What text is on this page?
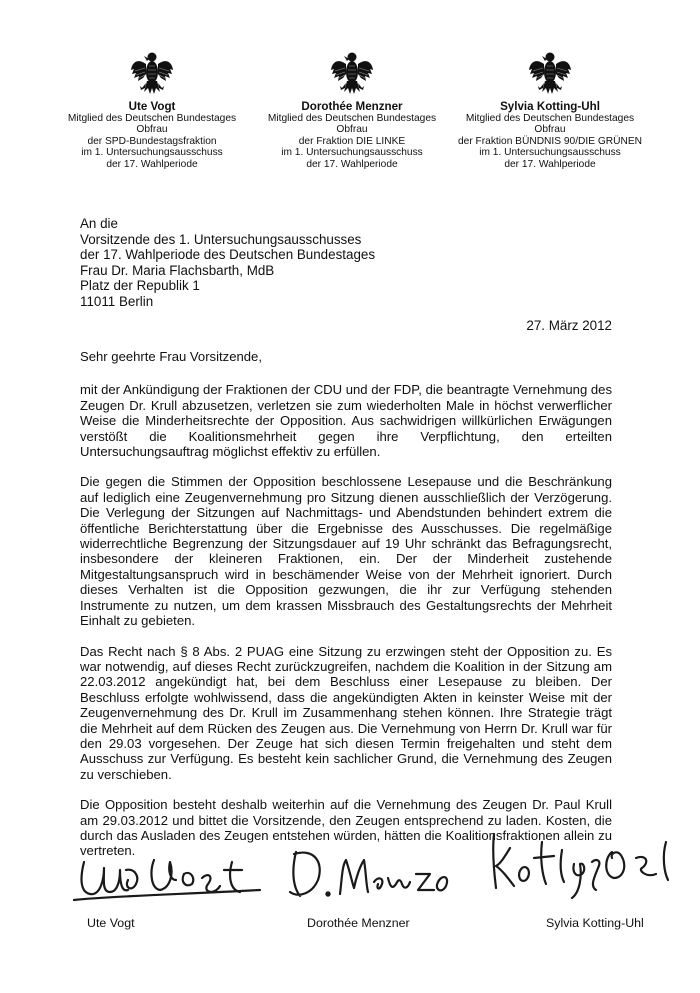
Ute Vogt
Mitglied des Deutschen Bundestages
Obfrau
der SPD-Bundestagsfraktion
im 1. Untersuchungsausschuss
der 17. Wahlperiode
Dorothée Menzner
Mitglied des Deutschen Bundestages
Obfrau
der Fraktion DIE LINKE
im 1. Untersuchungsausschuss
der 17. Wahlperiode
Sylvia Kotting-Uhl
Mitglied des Deutschen Bundestages
Obfrau
der Fraktion BÜNDNIS 90/DIE GRÜNEN
im 1. Untersuchungsausschuss
der 17. Wahlperiode
An die
Vorsitzende des 1. Untersuchungsausschusses
der 17. Wahlperiode des Deutschen Bundestages
Frau Dr. Maria Flachsbarth, MdB
Platz der Republik 1
11011 Berlin
27. März 2012

Sehr geehrte Frau Vorsitzende,

mit der Ankündigung der Fraktionen der CDU und der FDP, die beantragte Vernehmung des Zeugen Dr. Krull abzusetzen, verletzen sie zum wiederholten Male in höchst verwerflicher Weise die Minderheitsrechte der Opposition. Aus sachwidrigen willkürlichen Erwägungen verstößt die Koalitionsmehrheit gegen ihre Verpflichtung, den erteilten Untersuchungsauftrag möglichst effektiv zu erfüllen.

Die gegen die Stimmen der Opposition beschlossene Lesepause und die Beschränkung auf lediglich eine Zeugenvernehmung pro Sitzung dienen ausschließlich der Verzögerung. Die Verlegung der Sitzungen auf Nachmittags- und Abendstunden behindert extrem die öffentliche Berichterstattung über die Ergebnisse des Ausschusses. Die regelmäßige widerrechtliche Begrenzung der Sitzungsdauer auf 19 Uhr schränkt das Befragungsrecht, insbesondere der kleineren Fraktionen, ein. Der der Minderheit zustehende Mitgestaltungsanspruch wird in beschämender Weise von der Mehrheit ignoriert. Durch dieses Verhalten ist die Opposition gezwungen, die ihr zur Verfügung stehenden Instrumente zu nutzen, um dem krassen Missbrauch des Gestaltungsrechts der Mehrheit Einhalt zu gebieten.

Das Recht nach § 8 Abs. 2 PUAG eine Sitzung zu erzwingen steht der Opposition zu. Es war notwendig, auf dieses Recht zurückzugreifen, nachdem die Koalition in der Sitzung am 22.03.2012 angekündigt hat, bei dem Beschluss einer Lesepause zu bleiben. Der Beschluss erfolgte wohlwissend, dass die angekündigten Akten in keinster Weise mit der Zeugenvernehmung des Dr. Krull im Zusammenhang stehen können. Ihre Strategie trägt die Mehrheit auf dem Rücken des Zeugen aus. Die Vernehmung von Herrn Dr. Krull war für den 29.03 vorgesehen. Der Zeuge hat sich diesen Termin freigehalten und steht dem Ausschuss zur Verfügung. Es besteht kein sachlicher Grund, die Vernehmung des Zeugen zu verschieben.

Die Opposition besteht deshalb weiterhin auf die Vernehmung des Zeugen Dr. Paul Krull am 29.03.2012 und bittet die Vorsitzende, den Zeugen entsprechend zu laden. Kosten, die durch das Ausladen des Zeugen entstehen würden, hätten die Koalitionsfraktionen allein zu vertreten.

Ute Vogt	Dorothée Menzner	Sylvia Kotting-Uhl
